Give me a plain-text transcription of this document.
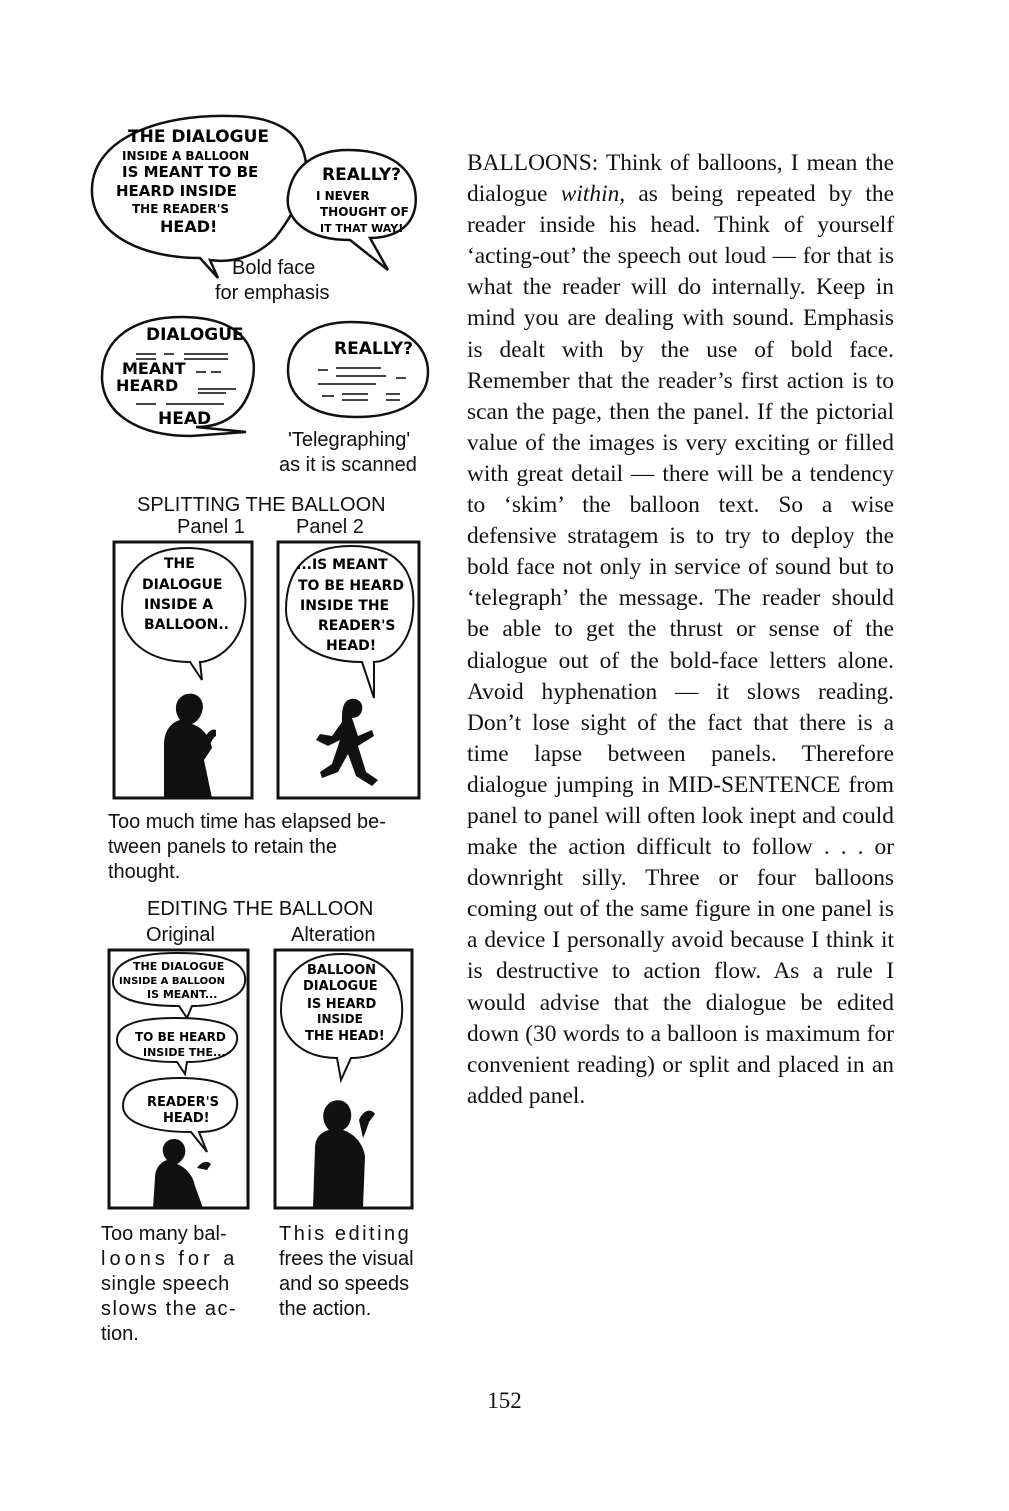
THE DIALOGUE
INSIDE A BALLOON
IS MEANT TO BE
HEARD INSIDE
THE READER'S
HEAD!
REALLY?
I NEVER
THOUGHT OF
IT THAT WAY!
Bold face
for emphasis
DIALOGUE
MEANT
HEARD
HEAD
REALLY?
'Telegraphing'
as it is scanned
SPLITTING THE BALLOON
Panel 1	Panel 2
THE
DIALOGUE
INSIDE A
BALLOON..
...IS MEANT
TO BE HEARD
INSIDE THE
READER'S
HEAD!
Too much time has elapsed be-
tween panels to retain the
thought.
EDITING THE BALLOON
Original	Alteration
THE DIALOGUE
INSIDE A BALLOON
IS MEANT...
TO BE HEARD
INSIDE THE...
READER'S
HEAD!
BALLOON
DIALOGUE
IS HEARD
INSIDE
THE HEAD!
Too many bal-
loons for a
single speech
slows the ac-
tion.
This editing
frees the visual
and so speeds
the action.
BALLOONS: Think of balloons, I mean the dialogue within, as being repeated by the reader inside his head. Think of yourself ‘acting-out’ the speech out loud — for that is what the reader will do internally. Keep in mind you are dealing with sound. Emphasis is dealt with by the use of bold face. Remember that the reader’s first action is to scan the page, then the panel. If the pictorial value of the images is very exciting or filled with great detail — there will be a tendency to ‘skim’ the balloon text. So a wise defensive stratagem is to try to deploy the bold face not only in service of sound but to ‘telegraph’ the message. The reader should be able to get the thrust or sense of the dialogue out of the bold-face letters alone. Avoid hyphenation — it slows reading. Don’t lose sight of the fact that there is a time lapse between panels. Therefore dialogue jumping in MID-SENTENCE from panel to panel will often look inept and could make the action difficult to follow . . . or downright silly. Three or four balloons coming out of the same figure in one panel is a device I personally avoid because I think it is destructive to action flow. As a rule I would advise that the dialogue be edited down (30 words to a balloon is maximum for convenient reading) or split and placed in an added panel.
152
